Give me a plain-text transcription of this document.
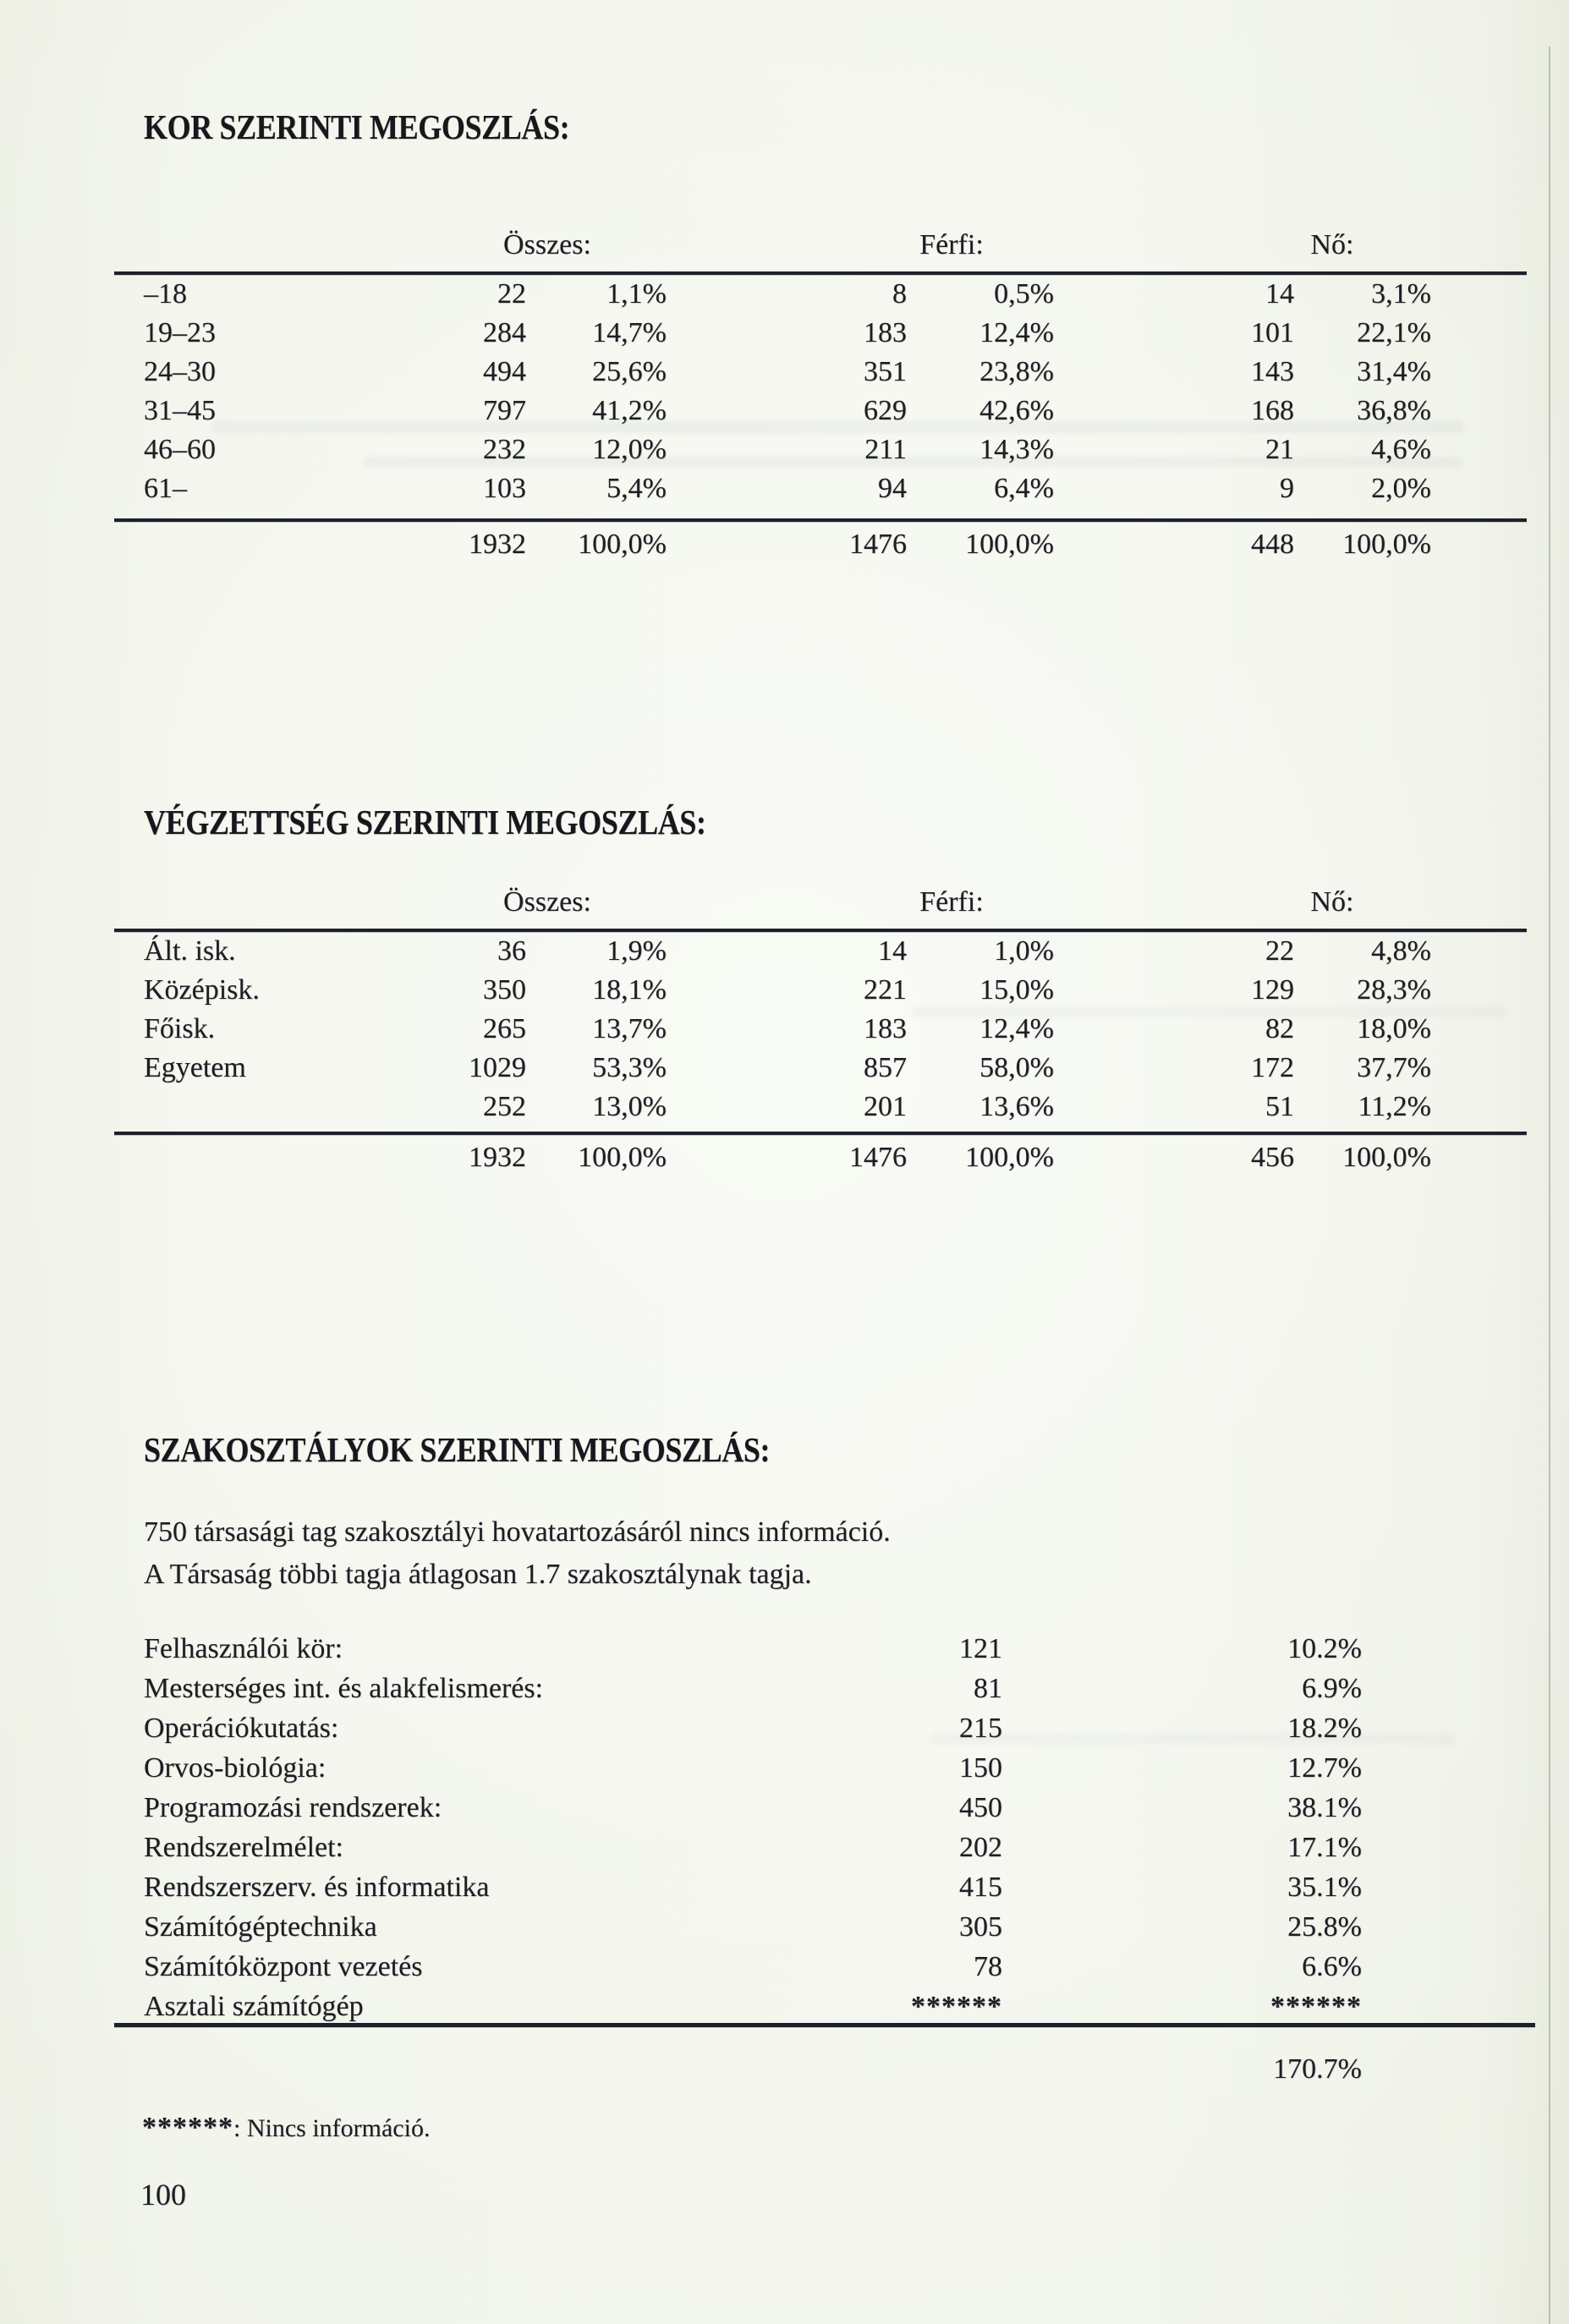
KOR SZERINTI MEGOSZLÁS:
Összes:	Férfi:	Nő:
–18	22	1,1%	8	0,5%	14	3,1%
19–23	284	14,7%	183	12,4%	101	22,1%
24–30	494	25,6%	351	23,8%	143	31,4%
31–45	797	41,2%	629	42,6%	168	36,8%
46–60	232	12,0%	211	14,3%	21	4,6%
61–	103	5,4%	94	6,4%	9	2,0%
1932	100,0%	1476	100,0%	448	100,0%
VÉGZETTSÉG SZERINTI MEGOSZLÁS:
Összes:	Férfi:	Nő:
Ált. isk.	36	1,9%	14	1,0%	22	4,8%
Középisk.	350	18,1%	221	15,0%	129	28,3%
Főisk.	265	13,7%	183	12,4%	82	18,0%
Egyetem	1029	53,3%	857	58,0%	172	37,7%
252	13,0%	201	13,6%	51	11,2%
1932	100,0%	1476	100,0%	456	100,0%
SZAKOSZTÁLYOK SZERINTI MEGOSZLÁS:
750 társasági tag szakosztályi hovatartozásáról nincs információ.
A Társaság többi tagja átlagosan 1.7 szakosztálynak tagja.
Felhasználói kör:	121	10.2%
Mesterséges int. és alakfelismerés:	81	6.9%
Operációkutatás:	215	18.2%
Orvos-biológia:	150	12.7%
Programozási rendszerek:	450	38.1%
Rendszerelmélet:	202	17.1%
Rendszerszerv. és informatika	415	35.1%
Számítógéptechnika	305	25.8%
Számítóközpont vezetés	78	6.6%
Asztali számítógép	******	******
170.7%

******: Nincs információ.

100
